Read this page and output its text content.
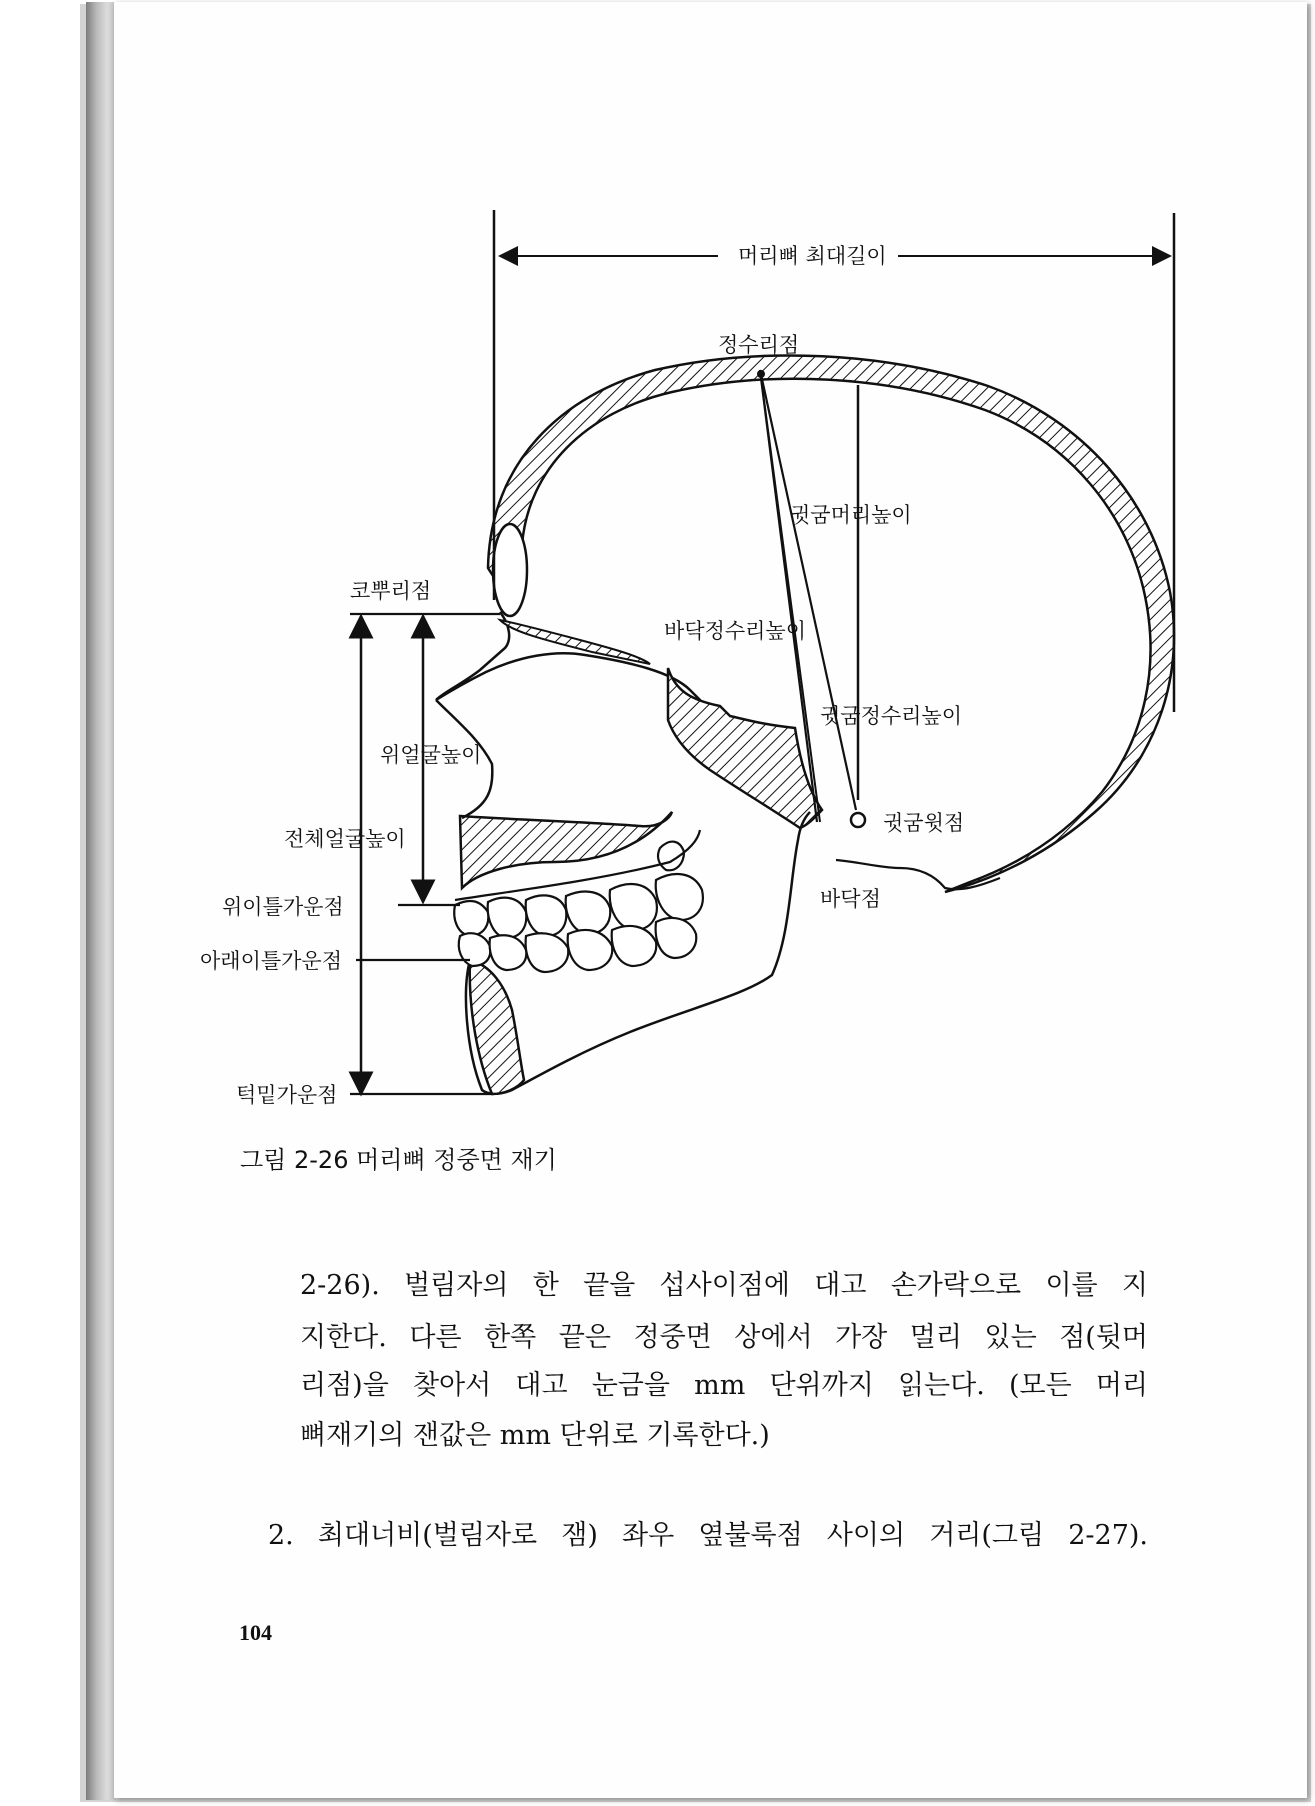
머리뼈 최대길이
정수리점
귓굼머리높이
코뿌리점
바닥정수리높이
귓굼정수리높이
위얼굴높이
전체얼굴높이
귓굼윗점
바닥점
위이틀가운점
아래이틀가운점
턱밑가운점
그림 2-26 머리뼈 정중면 재기

2-26). 벌림자의 한 끝을 섭사이점에 대고 손가락으로 이를 지

지한다. 다른 한쪽 끝은 정중면 상에서 가장 멀리 있는 점(뒷머

리점)을 찾아서 대고 눈금을 mm 단위까지 읽는다. (모든 머리

뼈재기의 잰값은 mm 단위로 기록한다.)

2. 최대너비(벌림자로 잼) 좌우 옆불룩점 사이의 거리(그림 2-27).

104
